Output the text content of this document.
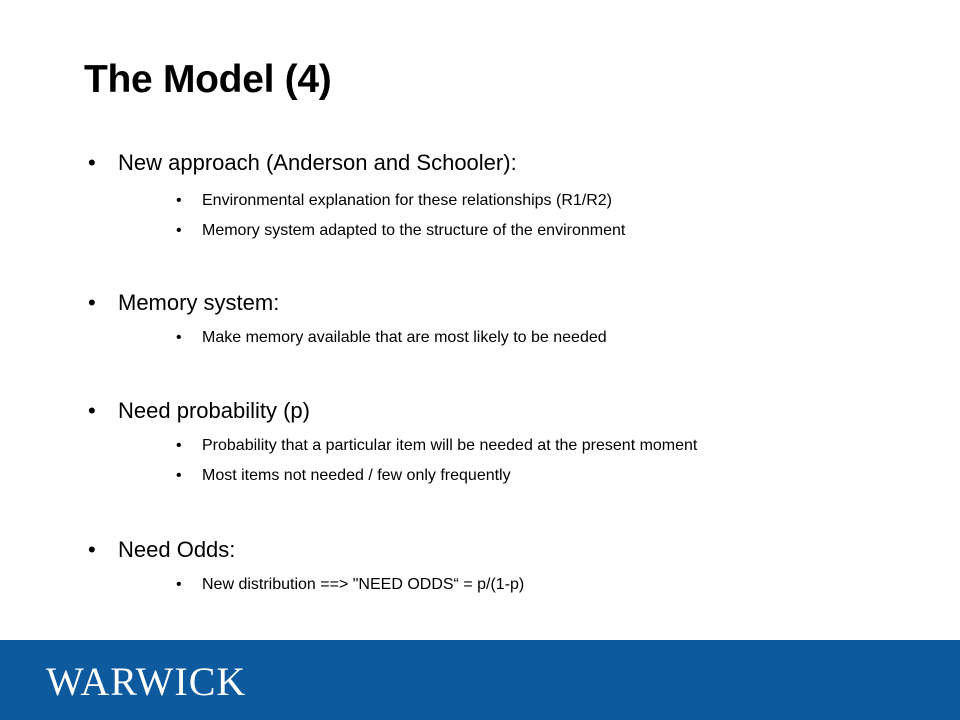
The Model (4)
• New approach (Anderson and Schooler):
• Environmental explanation for these relationships (R1/R2)
• Memory system adapted to the structure of the environment
• Memory system:
• Make memory available that are most likely to be needed
• Need probability (p)
• Probability that a particular item will be needed at the present moment
• Most items not needed / few only frequently
• Need Odds:
• New distribution ==> "NEED ODDS“ = p/(1-p)
WARWICK
